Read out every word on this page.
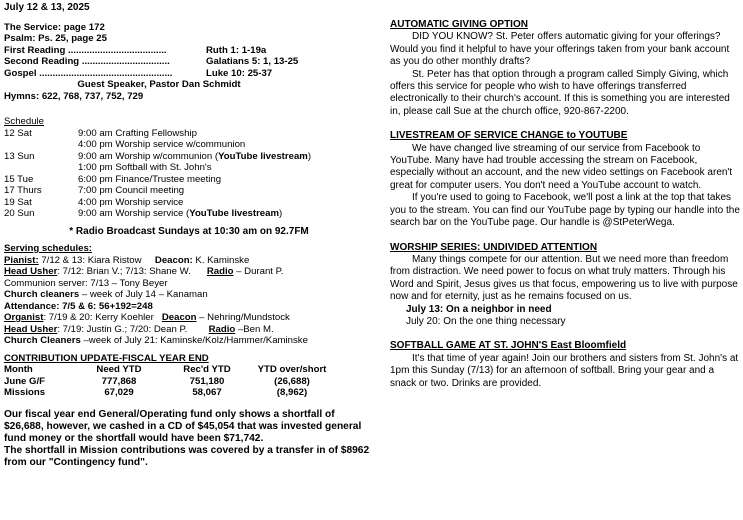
July 12 & 13, 2025
The Service: page 172
Psalm: Ps. 25, page 25
First Reading .....................................	Ruth 1: 1-19a
Second Reading .................................	Galatians 5: 1, 13-25
Gospel ..................................................	Luke 10: 25-37
Guest Speaker, Pastor Dan Schmidt
Hymns: 622, 768, 737, 752, 729
Schedule
12 Sat	9:00 am Crafting Fellowship
4:00 pm Worship service w/communion
13 Sun	9:00 am Worship w/communion (YouTube livestream)
1:00 pm Softball with St. John's
15 Tue	6:00 pm Finance/Trustee meeting
17 Thurs	7:00 pm Council meeting
19 Sat	4:00 pm Worship service
20 Sun	9:00 am Worship service (YouTube livestream)
* Radio Broadcast Sundays at 10:30 am on 92.7FM
Serving schedules:
Pianist: 7/12 & 13: Kiara Ristow Deacon: K. Kaminske
Head Usher: 7/12: Brian V.; 7/13: Shane W. Radio – Durant P.
Communion server: 7/13 – Tony Beyer
Church cleaners – week of July 14 – Kanaman
Attendance: 7/5 & 6: 56+192=248
Organist: 7/19 & 20: Kerry Koehler Deacon – Nehring/Mundstock
Head Usher: 7/19: Justin G.; 7/20: Dean P. Radio –Ben M.
Church Cleaners –week of July 21: Kaminske/Kolz/Hammer/Kaminske
CONTRIBUTION UPDATE-FISCAL YEAR END
Month	Need YTD	Rec'd YTD	YTD over/short
June G/F	777,868	751,180	(26,688)
Missions	67,029	58,067	(8,962)
Our fiscal year end General/Operating fund only shows a shortfall of $26,688, however, we cashed in a CD of $45,054 that was invested general fund money or the shortfall would have been $71,742.
The shortfall in Mission contributions was covered by a transfer in of $8962 from our "Contingency fund".
AUTOMATIC GIVING OPTION
DID YOU KNOW? St. Peter offers automatic giving for your offerings? Would you find it helpful to have your offerings taken from your bank account as you do other monthly drafts?
St. Peter has that option through a program called Simply Giving, which offers this service for people who wish to have offerings transferred electronically to their church's account. If this is something you are interested in, please call Sue at the church office, 920-867-2200.
LIVESTREAM OF SERVICE CHANGE to YOUTUBE
We have changed live streaming of our service from Facebook to YouTube. Many have had trouble accessing the stream on Facebook, especially without an account, and the new video settings on Facebook aren't great for computer users. You don't need a YouTube account to watch.
If you're used to going to Facebook, we'll post a link at the top that takes you to the stream. You can find our YouTube page by typing our handle into the search bar on the YouTube page. Our handle is @StPeterWega.
WORSHIP SERIES: UNDIVIDED ATTENTION
Many things compete for our attention. But we need more than freedom from distraction. We need power to focus on what truly matters. Through his Word and Spirit, Jesus gives us that focus, empowering us to live with purpose now and for eternity, just as he remains focused on us.
July 13: On a neighbor in need
July 20: On the one thing necessary
SOFTBALL GAME AT ST. JOHN'S East Bloomfield
It's that time of year again! Join our brothers and sisters from St. John's at 1pm this Sunday (7/13) for an afternoon of softball. Bring your gear and a snack or two. Drinks are provided.
